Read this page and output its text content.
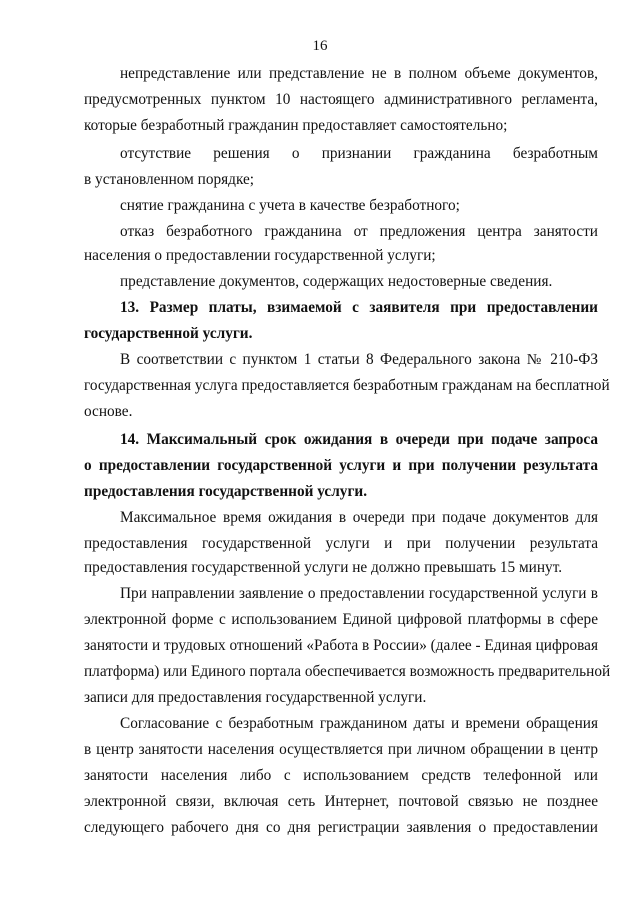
16
непредставление или представление не в полном объеме документов,
предусмотренных пунктом 10 настоящего административного регламента,
которые безработный гражданин предоставляет самостоятельно;
отсутствие решения о признании гражданина безработным
в установленном порядке;
снятие гражданина с учета в качестве безработного;
отказ безработного гражданина от предложения центра занятости
населения о предоставлении государственной услуги;
представление документов, содержащих недостоверные сведения.
13. Размер платы, взимаемой с заявителя при предоставлении
государственной услуги.
В соответствии с пунктом 1 статьи 8 Федерального закона № 210-ФЗ
государственная услуга предоставляется безработным гражданам на бесплатной
основе.
14. Максимальный срок ожидания в очереди при подаче запроса
о предоставлении государственной услуги и при получении результата
предоставления государственной услуги.
Максимальное время ожидания в очереди при подаче документов для
предоставления государственной услуги и при получении результата
предоставления государственной услуги не должно превышать 15 минут.
При направлении заявление о предоставлении государственной услуги в
электронной форме с использованием Единой цифровой платформы в сфере
занятости и трудовых отношений «Работа в России» (далее - Единая цифровая
платформа) или Единого портала обеспечивается возможность предварительной
записи для предоставления государственной услуги.
Согласование с безработным гражданином даты и времени обращения
в центр занятости населения осуществляется при личном обращении в центр
занятости населения либо с использованием средств телефонной или
электронной связи, включая сеть Интернет, почтовой связью не позднее
следующего рабочего дня со дня регистрации заявления о предоставлении
